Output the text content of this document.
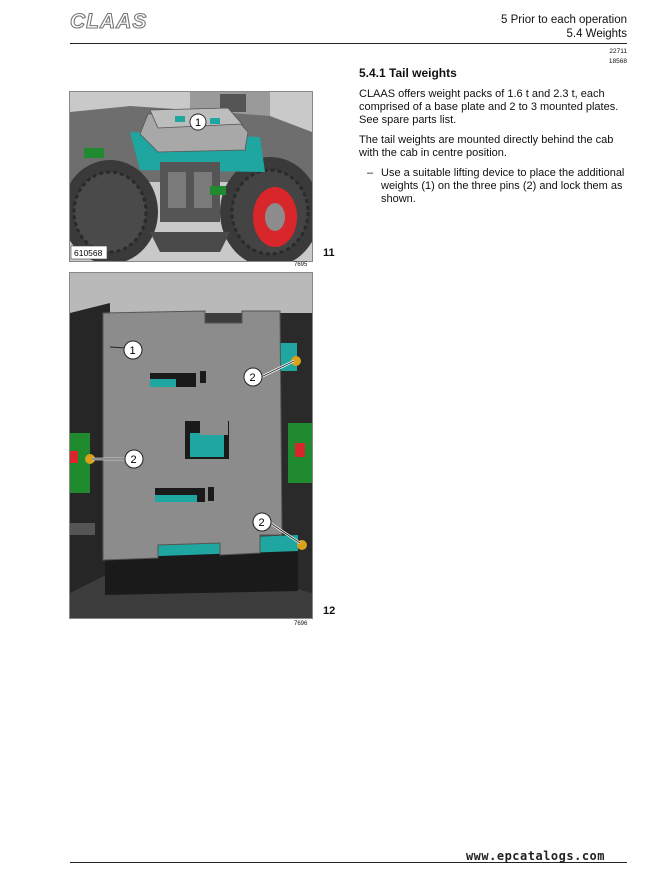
CLAAS	5 Prior to each operation
5.4 Weights
22711
18568
1
610568
7695
11
1
2
2
2
7696
12
5.4.1 Tail weights

CLAAS offers weight packs of 1.6 t and 2.3 t, each comprised of a base plate and 2 to 3 mounted plates. See spare parts list.

The tail weights are mounted directly behind the cab with the cab in centre position.

– Use a suitable lifting device to place the additional weights (1) on the three pins (2) and lock them as shown.
www.epcatalogs.com
